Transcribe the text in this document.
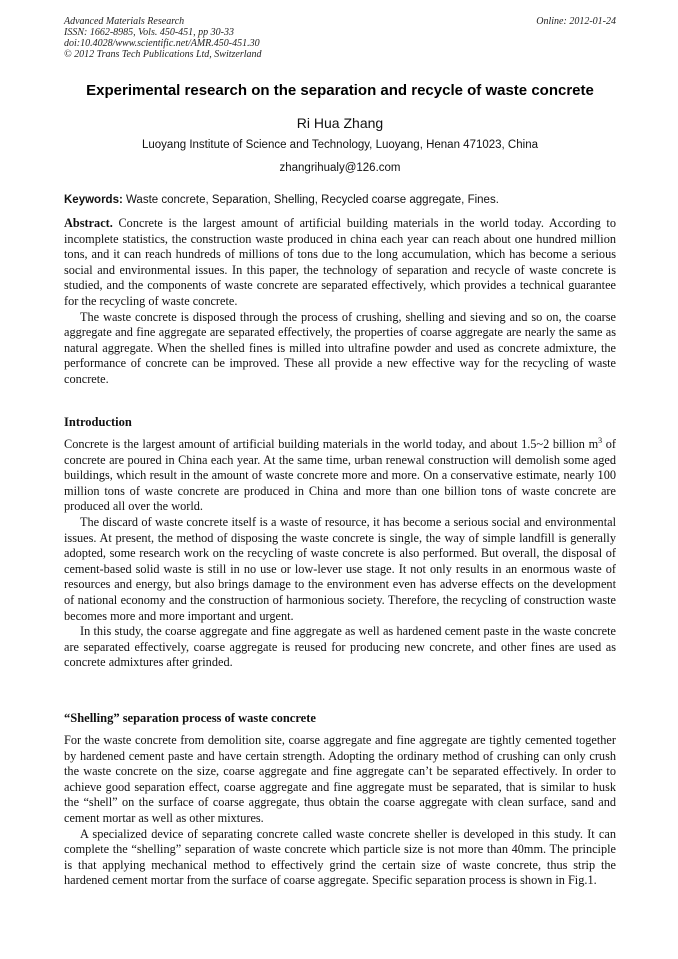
Advanced Materials Research
ISSN: 1662-8985, Vols. 450-451, pp 30-33
doi:10.4028/www.scientific.net/AMR.450-451.30
© 2012 Trans Tech Publications Ltd, Switzerland
Online: 2012-01-24
Experimental research on the separation and recycle of waste concrete
Ri Hua Zhang
Luoyang Institute of Science and Technology, Luoyang, Henan 471023, China
zhangrihualy@126.com
Keywords: Waste concrete, Separation, Shelling, Recycled coarse aggregate, Fines.

Abstract. Concrete is the largest amount of artificial building materials in the world today. According to incomplete statistics, the construction waste produced in china each year can reach about one hundred million tons, and it can reach hundreds of millions of tons due to the long accumulation, which has become a serious social and environmental issues. In this paper, the technology of separation and recycle of waste concrete is studied, and the components of waste concrete are separated effectively, which provides a technical guarantee for the recycling of waste concrete.

The waste concrete is disposed through the process of crushing, shelling and sieving and so on, the coarse aggregate and fine aggregate are separated effectively, the properties of coarse aggregate are nearly the same as natural aggregate. When the shelled fines is milled into ultrafine powder and used as concrete admixture, the performance of concrete can be improved. These all provide a new effective way for the recycling of waste concrete.

Introduction

Concrete is the largest amount of artificial building materials in the world today, and about 1.5~2 billion $m^3$ of concrete are poured in China each year. At the same time, urban renewal construction will demolish some aged buildings, which result in the amount of waste concrete more and more. On a conservative estimate, nearly 100 million tons of waste concrete are produced in China and more than one billion tons of waste concrete are produced all over the world.

The discard of waste concrete itself is a waste of resource, it has become a serious social and environmental issues. At present, the method of disposing the waste concrete is single, the way of simple landfill is generally adopted, some research work on the recycling of waste concrete is also performed. But overall, the disposal of cement-based solid waste is still in no use or low-lever use stage. It not only results in an enormous waste of resources and energy, but also brings damage to the environment even has adverse effects on the development of national economy and the construction of harmonious society. Therefore, the recycling of construction waste becomes more and more important and urgent.

In this study, the coarse aggregate and fine aggregate as well as hardened cement paste in the waste concrete are separated effectively, coarse aggregate is reused for producing new concrete, and other fines are used as concrete admixtures after grinded.

“Shelling” separation process of waste concrete

For the waste concrete from demolition site, coarse aggregate and fine aggregate are tightly cemented together by hardened cement paste and have certain strength. Adopting the ordinary method of crushing can only crush the waste concrete on the size, coarse aggregate and fine aggregate can’t be separated effectively. In order to achieve good separation effect, coarse aggregate and fine aggregate must be separated, that is similar to husk the “shell” on the surface of coarse aggregate, thus obtain the coarse aggregate with clean surface, sand and cement mortar as well as other mixtures.

A specialized device of separating concrete called waste concrete sheller is developed in this study. It can complete the “shelling” separation of waste concrete which particle size is not more than 40mm. The principle is that applying mechanical method to effectively grind the certain size of waste concrete, thus strip the hardened cement mortar from the surface of coarse aggregate. Specific separation process is shown in Fig.1.
